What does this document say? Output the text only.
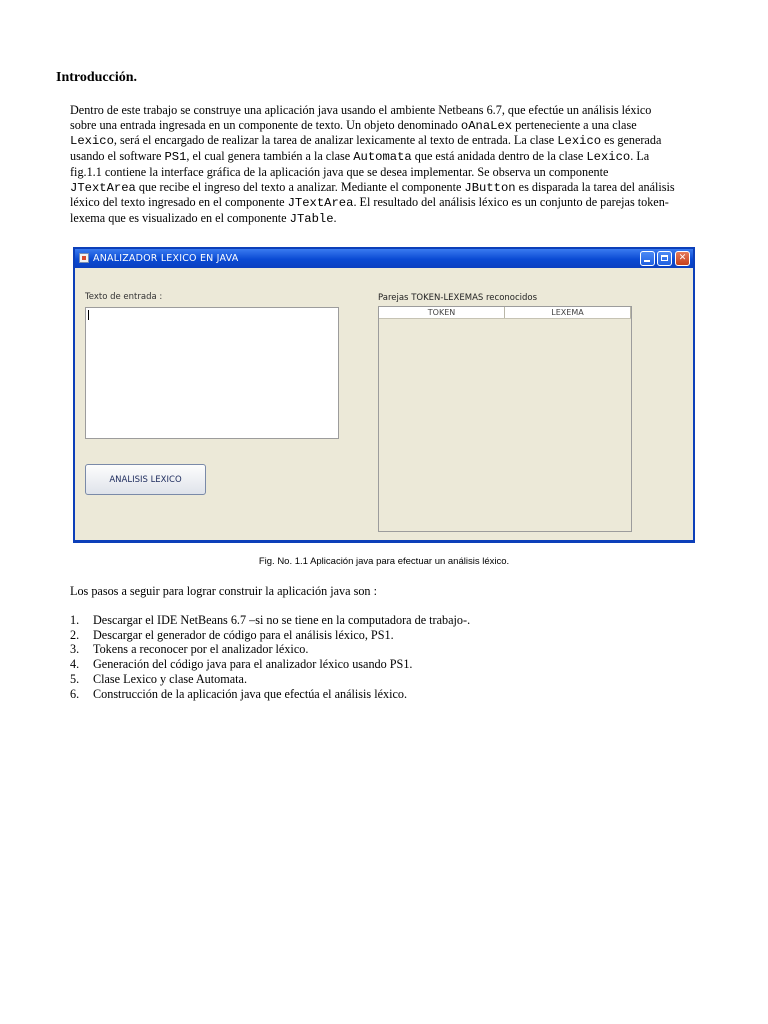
Introducción.

Dentro de este trabajo se construye una aplicación java usando el ambiente Netbeans 6.7, que efectúe un análisis léxico
sobre una entrada ingresada en un componente de texto. Un objeto denominado oAnaLex perteneciente a una clase
Lexico, será el encargado de realizar la tarea de analizar lexicamente al texto de entrada. La clase Lexico es generada
usando el software PS1, el cual genera también a la clase Automata que está anidada dentro de la clase Lexico. La
fig.1.1 contiene la interface gráfica de la aplicación java que se desea implementar. Se observa un componente
JTextArea que recibe el ingreso del texto a analizar. Mediante el componente JButton es disparada la tarea del análisis
léxico del texto ingresado en el componente JTextArea. El resultado del análisis léxico es un conjunto de parejas token-
lexema que es visualizado en el componente JTable.

ANALIZADOR LEXICO EN JAVA	✕
Texto de entrada :
ANALISIS LEXICO
Parejas TOKEN-LEXEMAS reconocidos
TOKEN	LEXEMA
Fig. No. 1.1 Aplicación java para efectuar un análisis léxico.

Los pasos a seguir para lograr construir la aplicación java son :

1.	Descargar el IDE NetBeans 6.7 –si no se tiene en la computadora de trabajo-.
2.	Descargar el generador de código para el análisis léxico, PS1.
3.	Tokens a reconocer por el analizador léxico.
4.	Generación del código java para el analizador léxico usando PS1.
5.	Clase Lexico y clase Automata.
6.	Construcción de la aplicación java que efectúa el análisis léxico.
